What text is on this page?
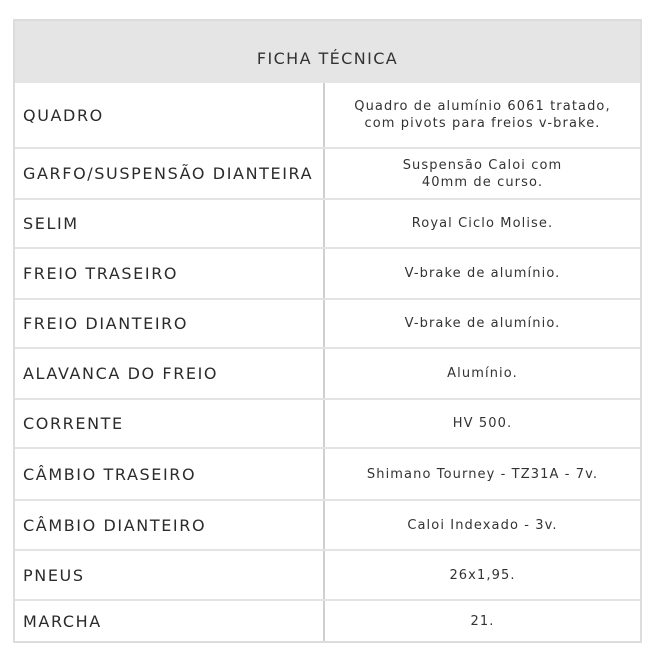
FICHA TÉCNICA
QUADRO	Quadro de alumínio 6061 tratado,
com pivots para freios v-brake.
GARFO/SUSPENSÃO DIANTEIRA	Suspensão Caloi com
40mm de curso.
SELIM	Royal Ciclo Molise.
FREIO TRASEIRO	V-brake de alumínio.
FREIO DIANTEIRO	V-brake de alumínio.
ALAVANCA DO FREIO	Alumínio.
CORRENTE	HV 500.
CÂMBIO TRASEIRO	Shimano Tourney - TZ31A - 7v.
CÂMBIO DIANTEIRO	Caloi Indexado - 3v.
PNEUS	26x1,95.
MARCHA	21.
